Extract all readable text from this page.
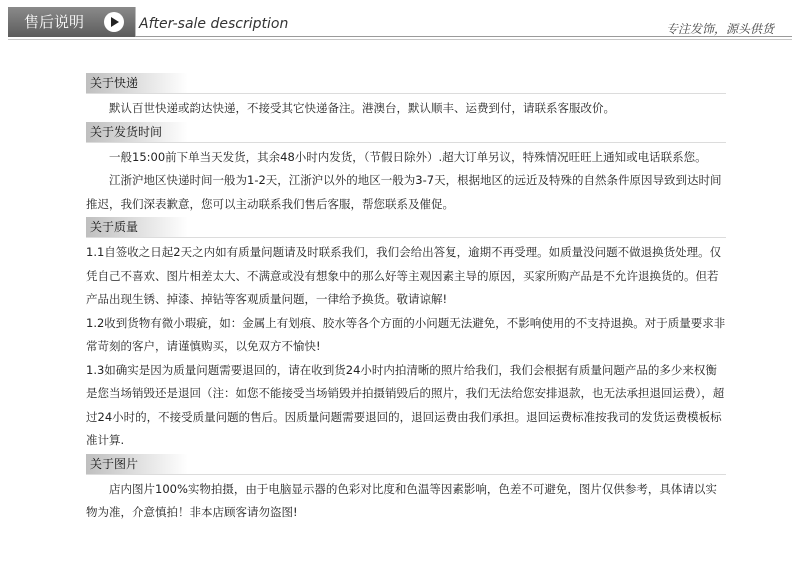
售后说明	After-sale description	专注发饰，源头供货
关于快递

默认百世快递或韵达快递，不接受其它快递备注。港澳台，默认顺丰、运费到付，请联系客服改价。

关于发货时间

一般15:00前下单当天发货，其余48小时内发货，（节假日除外）.超大订单另议，特殊情况旺旺上通知或电话联系您。

江浙沪地区快递时间一般为1-2天，江浙沪以外的地区一般为3-7天，根据地区的远近及特殊的自然条件原因导致到达时间推迟，我们深表歉意，您可以主动联系我们售后客服，帮您联系及催促。

关于质量

1.1自签收之日起2天之内如有质量问题请及时联系我们，我们会给出答复，逾期不再受理。如质量没问题不做退换货处理。仅凭自己不喜欢、图片相差太大、不满意或没有想象中的那么好等主观因素主导的原因，买家所购产品是不允许退换货的。但若产品出现生锈、掉漆、掉钻等客观质量问题，一律给予换货。敬请谅解!

1.2收到货物有微小瑕疵，如：金属上有划痕、胶水等各个方面的小问题无法避免，不影响使用的不支持退换。对于质量要求非常苛刻的客户，请谨慎购买，以免双方不愉快!

1.3如确实是因为质量问题需要退回的，请在收到货24小时内拍清晰的照片给我们，我们会根据有质量问题产品的多少来权衡是您当场销毁还是退回（注：如您不能接受当场销毁并拍摄销毁后的照片，我们无法给您安排退款，也无法承担退回运费），超过24小时的，不接受质量问题的售后。因质量问题需要退回的，退回运费由我们承担。退回运费标准按我司的发货运费模板标准计算.

关于图片

店内图片100%实物拍摄，由于电脑显示器的色彩对比度和色温等因素影响，色差不可避免，图片仅供参考，具体请以实物为准，介意慎拍！非本店顾客请勿盗图!
